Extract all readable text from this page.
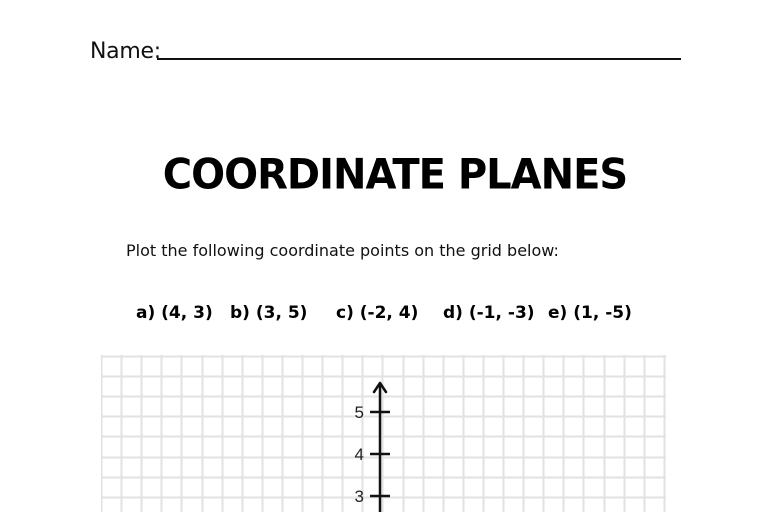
Name:
COORDINATE PLANES
Plot the following coordinate points on the grid below:
a) (4, 3) b) (3, 5) c) (-2, 4) d) (-1, -3) e) (1, -5)
5
4
3
